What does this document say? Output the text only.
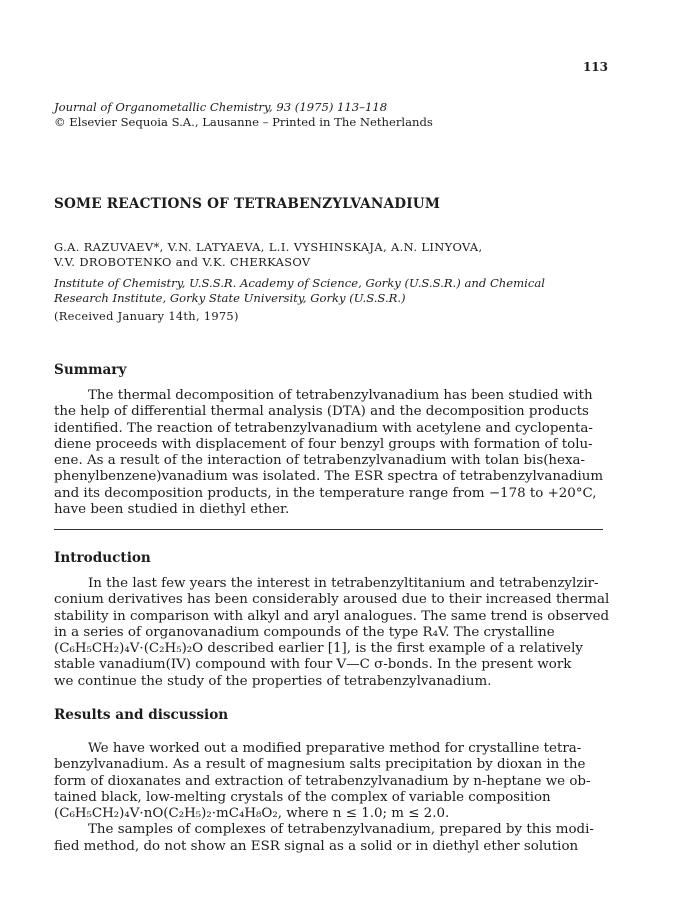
113
Journal of Organometallic Chemistry, 93 (1975) 113–118
© Elsevier Sequoia S.A., Lausanne – Printed in The Netherlands
SOME REACTIONS OF TETRABENZYLVANADIUM
G.A. RAZUVAEV*, V.N. LATYAEVA, L.I. VYSHINSKAJA, A.N. LINYOVA,
V.V. DROBOTENKO and V.K. CHERKASOV
Institute of Chemistry, U.S.S.R. Academy of Science, Gorky (U.S.S.R.) and Chemical
Research Institute, Gorky State University, Gorky (U.S.S.R.)
(Received January 14th, 1975)
Summary
The thermal decomposition of tetrabenzylvanadium has been studied with
the help of differential thermal analysis (DTA) and the decomposition products
identified. The reaction of tetrabenzylvanadium with acetylene and cyclopenta-
diene proceeds with displacement of four benzyl groups with formation of tolu-
ene. As a result of the interaction of tetrabenzylvanadium with tolan bis(hexa-
phenylbenzene)vanadium was isolated. The ESR spectra of tetrabenzylvanadium
and its decomposition products, in the temperature range from −178 to +20°C,
have been studied in diethyl ether.
Introduction
In the last few years the interest in tetrabenzyltitanium and tetrabenzylzir-
conium derivatives has been considerably aroused due to their increased thermal
stability in comparison with alkyl and aryl analogues. The same trend is observed
in a series of organovanadium compounds of the type R₄V. The crystalline
(C₆H₅CH₂)₄V·(C₂H₅)₂O described earlier [1], is the first example of a relatively
stable vanadium(IV) compound with four V—C σ-bonds. In the present work
we continue the study of the properties of tetrabenzylvanadium.
Results and discussion
We have worked out a modified preparative method for crystalline tetra-
benzylvanadium. As a result of magnesium salts precipitation by dioxan in the
form of dioxanates and extraction of tetrabenzylvanadium by n-heptane we ob-
tained black, low-melting crystals of the complex of variable composition
(C₆H₅CH₂)₄V·nO(C₂H₅)₂·mC₄H₈O₂, where n ≤ 1.0; m ≤ 2.0.
The samples of complexes of tetrabenzylvanadium, prepared by this modi-
fied method, do not show an ESR signal as a solid or in diethyl ether solution
